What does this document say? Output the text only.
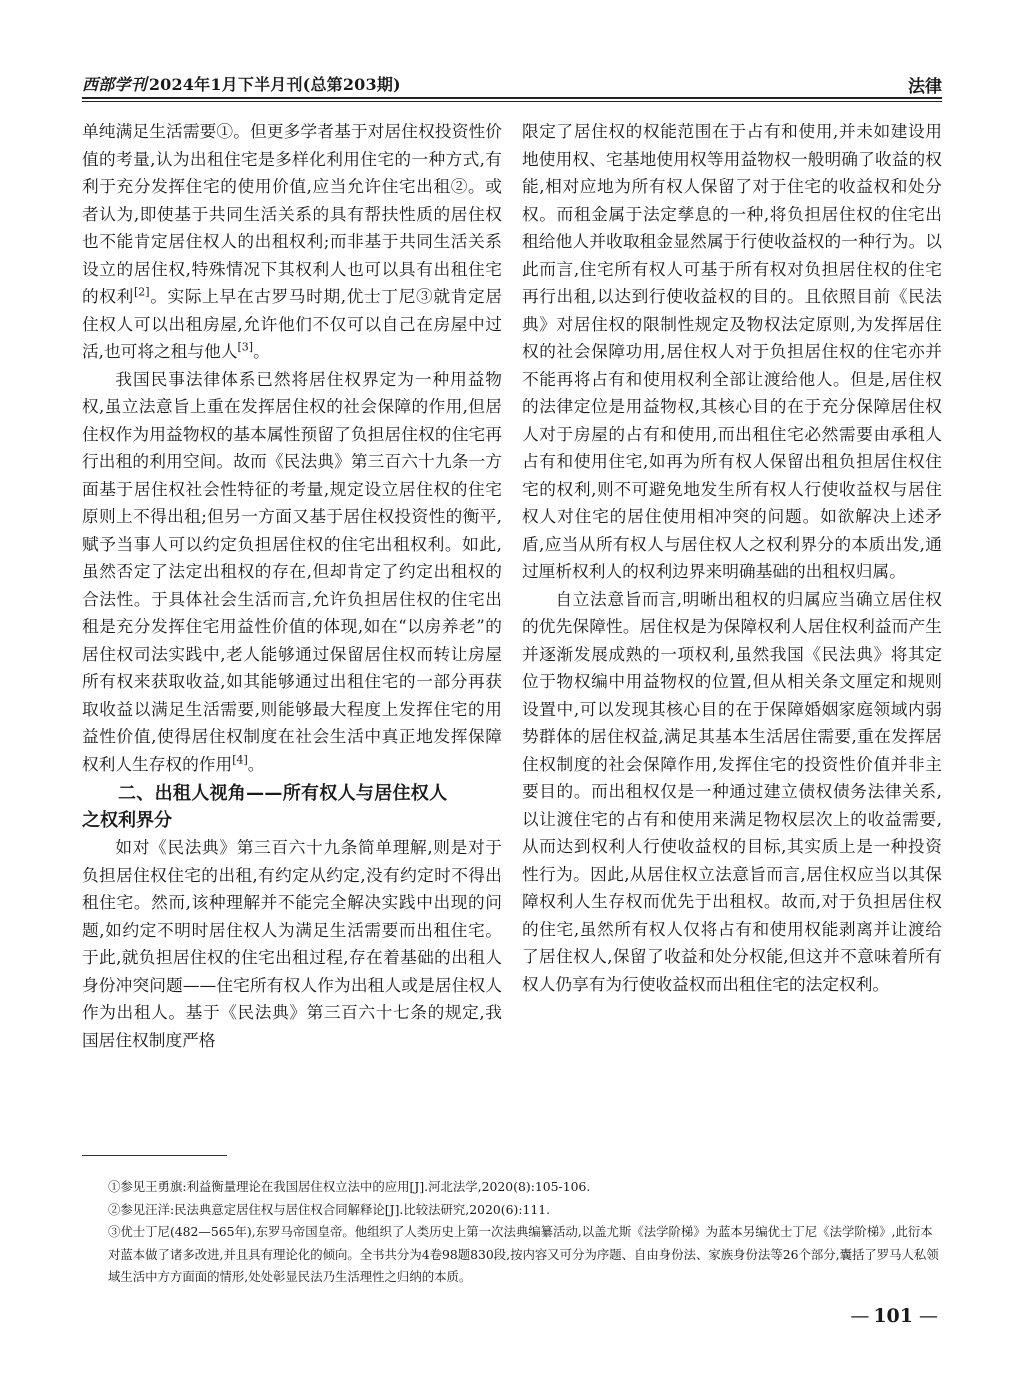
西部学刊 2024年1月下半月刊(总第203期)	法律

单纯满足生活需要①。但更多学者基于对居住权投资性价值的考量,认为出租住宅是多样化利用住宅的一种方式,有利于充分发挥住宅的使用价值,应当允许住宅出租②。或者认为,即使基于共同生活关系的具有帮扶性质的居住权也不能肯定居住权人的出租权利;而非基于共同生活关系设立的居住权,特殊情况下其权利人也可以具有出租住宅的权利[2]。实际上早在古罗马时期,优士丁尼③就肯定居住权人可以出租房屋,允许他们不仅可以自己在房屋中过活,也可将之租与他人[3]。

我国民事法律体系已然将居住权界定为一种用益物权,虽立法意旨上重在发挥居住权的社会保障的作用,但居住权作为用益物权的基本属性预留了负担居住权的住宅再行出租的利用空间。故而《民法典》第三百六十九条一方面基于居住权社会性特征的考量,规定设立居住权的住宅原则上不得出租;但另一方面又基于居住权投资性的衡平,赋予当事人可以约定负担居住权的住宅出租权利。如此,虽然否定了法定出租权的存在,但却肯定了约定出租权的合法性。于具体社会生活而言,允许负担居住权的住宅出租是充分发挥住宅用益性价值的体现,如在“以房养老”的居住权司法实践中,老人能够通过保留居住权而转让房屋所有权来获取收益,如其能够通过出租住宅的一部分再获取收益以满足生活需要,则能够最大程度上发挥住宅的用益性价值,使得居住权制度在社会生活中真正地发挥保障权利人生存权的作用[4]。

二、出租人视角——所有权人与居住权人
之权利界分

如对《民法典》第三百六十九条简单理解,则是对于负担居住权住宅的出租,有约定从约定,没有约定时不得出租住宅。然而,该种理解并不能完全解决实践中出现的问题,如约定不明时居住权人为满足生活需要而出租住宅。于此,就负担居住权的住宅出租过程,存在着基础的出租人身份冲突问题——住宅所有权人作为出租人或是居住权人作为出租人。基于《民法典》第三百六十七条的规定,我国居住权制度严格

限定了居住权的权能范围在于占有和使用,并未如建设用地使用权、宅基地使用权等用益物权一般明确了收益的权能,相对应地为所有权人保留了对于住宅的收益权和处分权。而租金属于法定孳息的一种,将负担居住权的住宅出租给他人并收取租金显然属于行使收益权的一种行为。以此而言,住宅所有权人可基于所有权对负担居住权的住宅再行出租,以达到行使收益权的目的。且依照目前《民法典》对居住权的限制性规定及物权法定原则,为发挥居住权的社会保障功用,居住权人对于负担居住权的住宅亦并不能再将占有和使用权利全部让渡给他人。但是,居住权的法律定位是用益物权,其核心目的在于充分保障居住权人对于房屋的占有和使用,而出租住宅必然需要由承租人占有和使用住宅,如再为所有权人保留出租负担居住权住宅的权利,则不可避免地发生所有权人行使收益权与居住权人对住宅的居住使用相冲突的问题。如欲解决上述矛盾,应当从所有权人与居住权人之权利界分的本质出发,通过厘析权利人的权利边界来明确基础的出租权归属。

自立法意旨而言,明晰出租权的归属应当确立居住权的优先保障性。居住权是为保障权利人居住权利益而产生并逐渐发展成熟的一项权利,虽然我国《民法典》将其定位于物权编中用益物权的位置,但从相关条文厘定和规则设置中,可以发现其核心目的在于保障婚姻家庭领域内弱势群体的居住权益,满足其基本生活居住需要,重在发挥居住权制度的社会保障作用,发挥住宅的投资性价值并非主要目的。而出租权仅是一种通过建立债权债务法律关系,以让渡住宅的占有和使用来满足物权层次上的收益需要,从而达到权利人行使收益权的目标,其实质上是一种投资性行为。因此,从居住权立法意旨而言,居住权应当以其保障权利人生存权而优先于出租权。故而,对于负担居住权的住宅,虽然所有权人仅将占有和使用权能剥离并让渡给了居住权人,保留了收益和处分权能,但这并不意味着所有权人仍享有为行使收益权而出租住宅的法定权利。

①参见王勇旗:利益衡量理论在我国居住权立法中的应用[J].河北法学,2020(8):105-106.

②参见汪洋:民法典意定居住权与居住权合同解释论[J].比较法研究,2020(6):111.

③优士丁尼(482—565年),东罗马帝国皇帝。他组织了人类历史上第一次法典编纂活动,以盖尤斯《法学阶梯》为蓝本另编优士丁尼《法学阶梯》,此衍本对蓝本做了诸多改进,并且具有理论化的倾向。全书共分为4卷98题830段,按内容又可分为序题、自由身份法、家族身份法等26个部分,囊括了罗马人私领域生活中方方面面的情形,处处彰显民法乃生活理性之归纳的本质。

— 101 —
